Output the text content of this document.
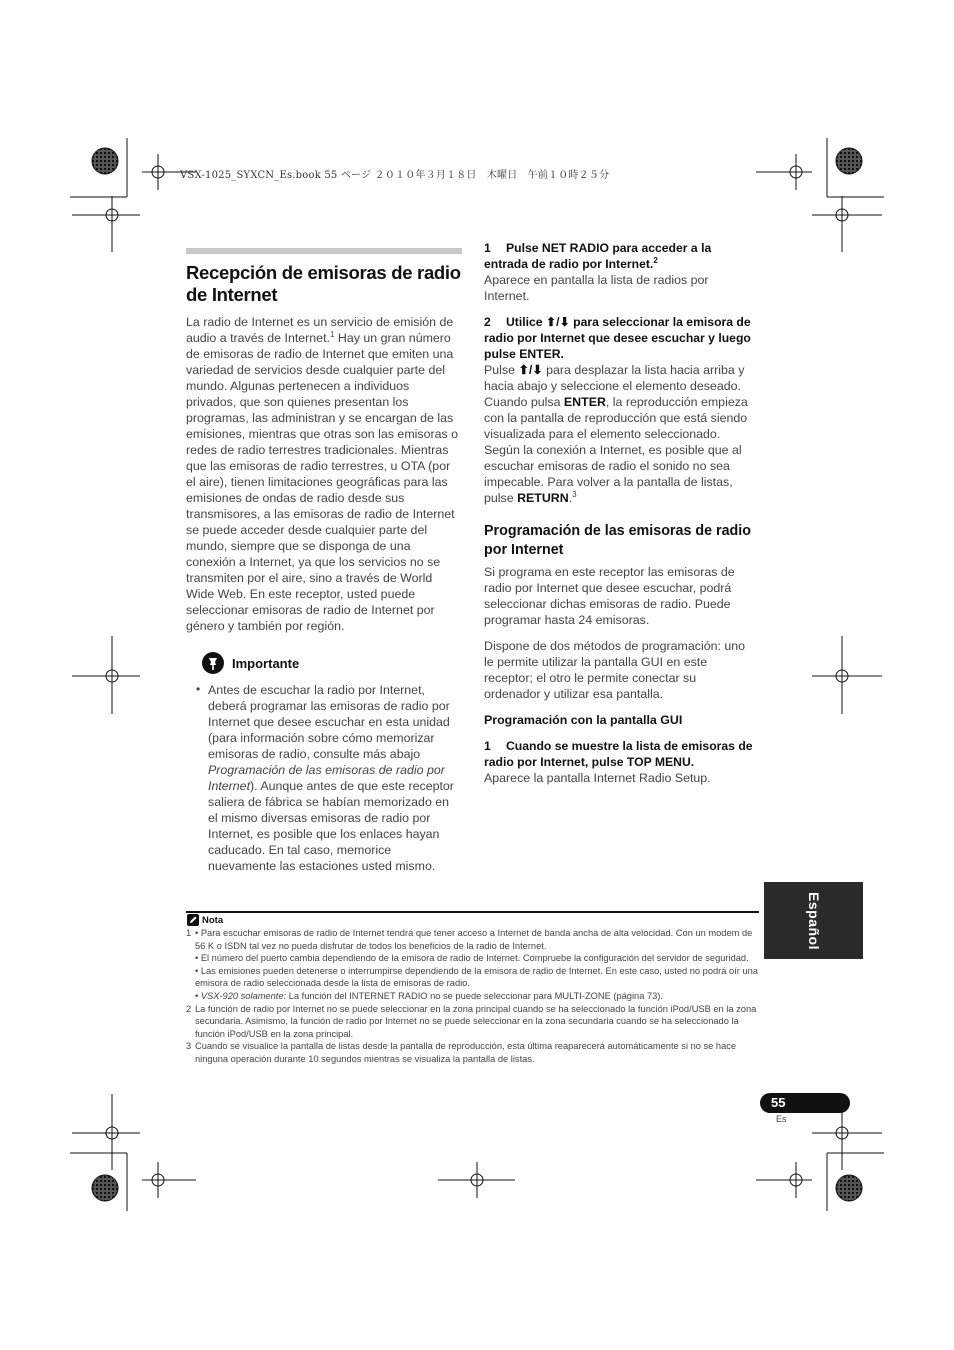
VSX-1025_SYXCN_Es.book 55 ページ ２０１０年３月１８日　木曜日　午前１０時２５分
Recepción de emisoras de radio de Internet

La radio de Internet es un servicio de emisión de audio a través de Internet.$^1$ Hay un gran número de emisoras de radio de Internet que emiten una variedad de servicios desde cualquier parte del mundo. Algunas pertenecen a individuos privados, que son quienes presentan los programas, las administran y se encargan de las emisiones, mientras que otras son las emisoras o redes de radio terrestres tradicionales. Mientras que las emisoras de radio terrestres, u OTA (por el aire), tienen limitaciones geográficas para las emisiones de ondas de radio desde sus transmisores, a las emisoras de radio de Internet se puede acceder desde cualquier parte del mundo, siempre que se disponga de una conexión a Internet, ya que los servicios no se transmiten por el aire, sino a través de World Wide Web. En este receptor, usted puede seleccionar emisoras de radio de Internet por género y también por región.

Importante
• Antes de escuchar la radio por Internet, deberá programar las emisoras de radio por Internet que desee escuchar en esta unidad (para información sobre cómo memorizar emisoras de radio, consulte más abajo Programación de las emisoras de radio por Internet). Aunque antes de que este receptor saliera de fábrica se habían memorizado en el mismo diversas emisoras de radio por Internet, es posible que los enlaces hayan caducado. En tal caso, memorice nuevamente las estaciones usted mismo.

1 Pulse NET RADIO para acceder a la entrada de radio por Internet.$^2$

Aparece en pantalla la lista de radios por Internet.

2 Utilice ⬆/⬇ para seleccionar la emisora de radio por Internet que desee escuchar y luego pulse ENTER.

Pulse ⬆/⬇ para desplazar la lista hacia arriba y hacia abajo y seleccione el elemento deseado. Cuando pulsa ENTER, la reproducción empieza con la pantalla de reproducción que está siendo visualizada para el elemento seleccionado. Según la conexión a Internet, es posible que al escuchar emisoras de radio el sonido no sea impecable. Para volver a la pantalla de listas, pulse RETURN.$^3$

Programación de las emisoras de radio por Internet

Si programa en este receptor las emisoras de radio por Internet que desee escuchar, podrá seleccionar dichas emisoras de radio. Puede programar hasta 24 emisoras.

Dispone de dos métodos de programación: uno le permite utilizar la pantalla GUI en este receptor; el otro le permite conectar su ordenador y utilizar esa pantalla.

Programación con la pantalla GUI

1 Cuando se muestre la lista de emisoras de radio por Internet, pulse TOP MENU.

Aparece la pantalla Internet Radio Setup.

Español
Nota
1 • Para escuchar emisoras de radio de Internet tendrá que tener acceso a Internet de banda ancha de alta velocidad. Con un modem de 56 K o ISDN tal vez no pueda disfrutar de todos los beneficios de la radio de Internet.
• El número del puerto cambia dependiendo de la emisora de radio de Internet. Compruebe la configuración del servidor de seguridad.
• Las emisiones pueden detenerse o interrumpirse dependiendo de la emisora de radio de Internet. En este caso, usted no podrá oír una emisora de radio seleccionada desde la lista de emisoras de radio.
• VSX-920 solamente: La función del INTERNET RADIO no se puede seleccionar para MULTI-ZONE (página 73).
2 La función de radio por Internet no se puede seleccionar en la zona principal cuando se ha seleccionado la función iPod/USB en la zona secundaria. Asimismo, la función de radio por Internet no se puede seleccionar en la zona secundaria cuando se ha seleccionado la función iPod/USB en la zona principal.
3 Cuando se visualice la pantalla de listas desde la pantalla de reproducción, esta última reaparecerá automáticamente si no se hace ninguna operación durante 10 segundos mientras se visualiza la pantalla de listas.
55
Es
